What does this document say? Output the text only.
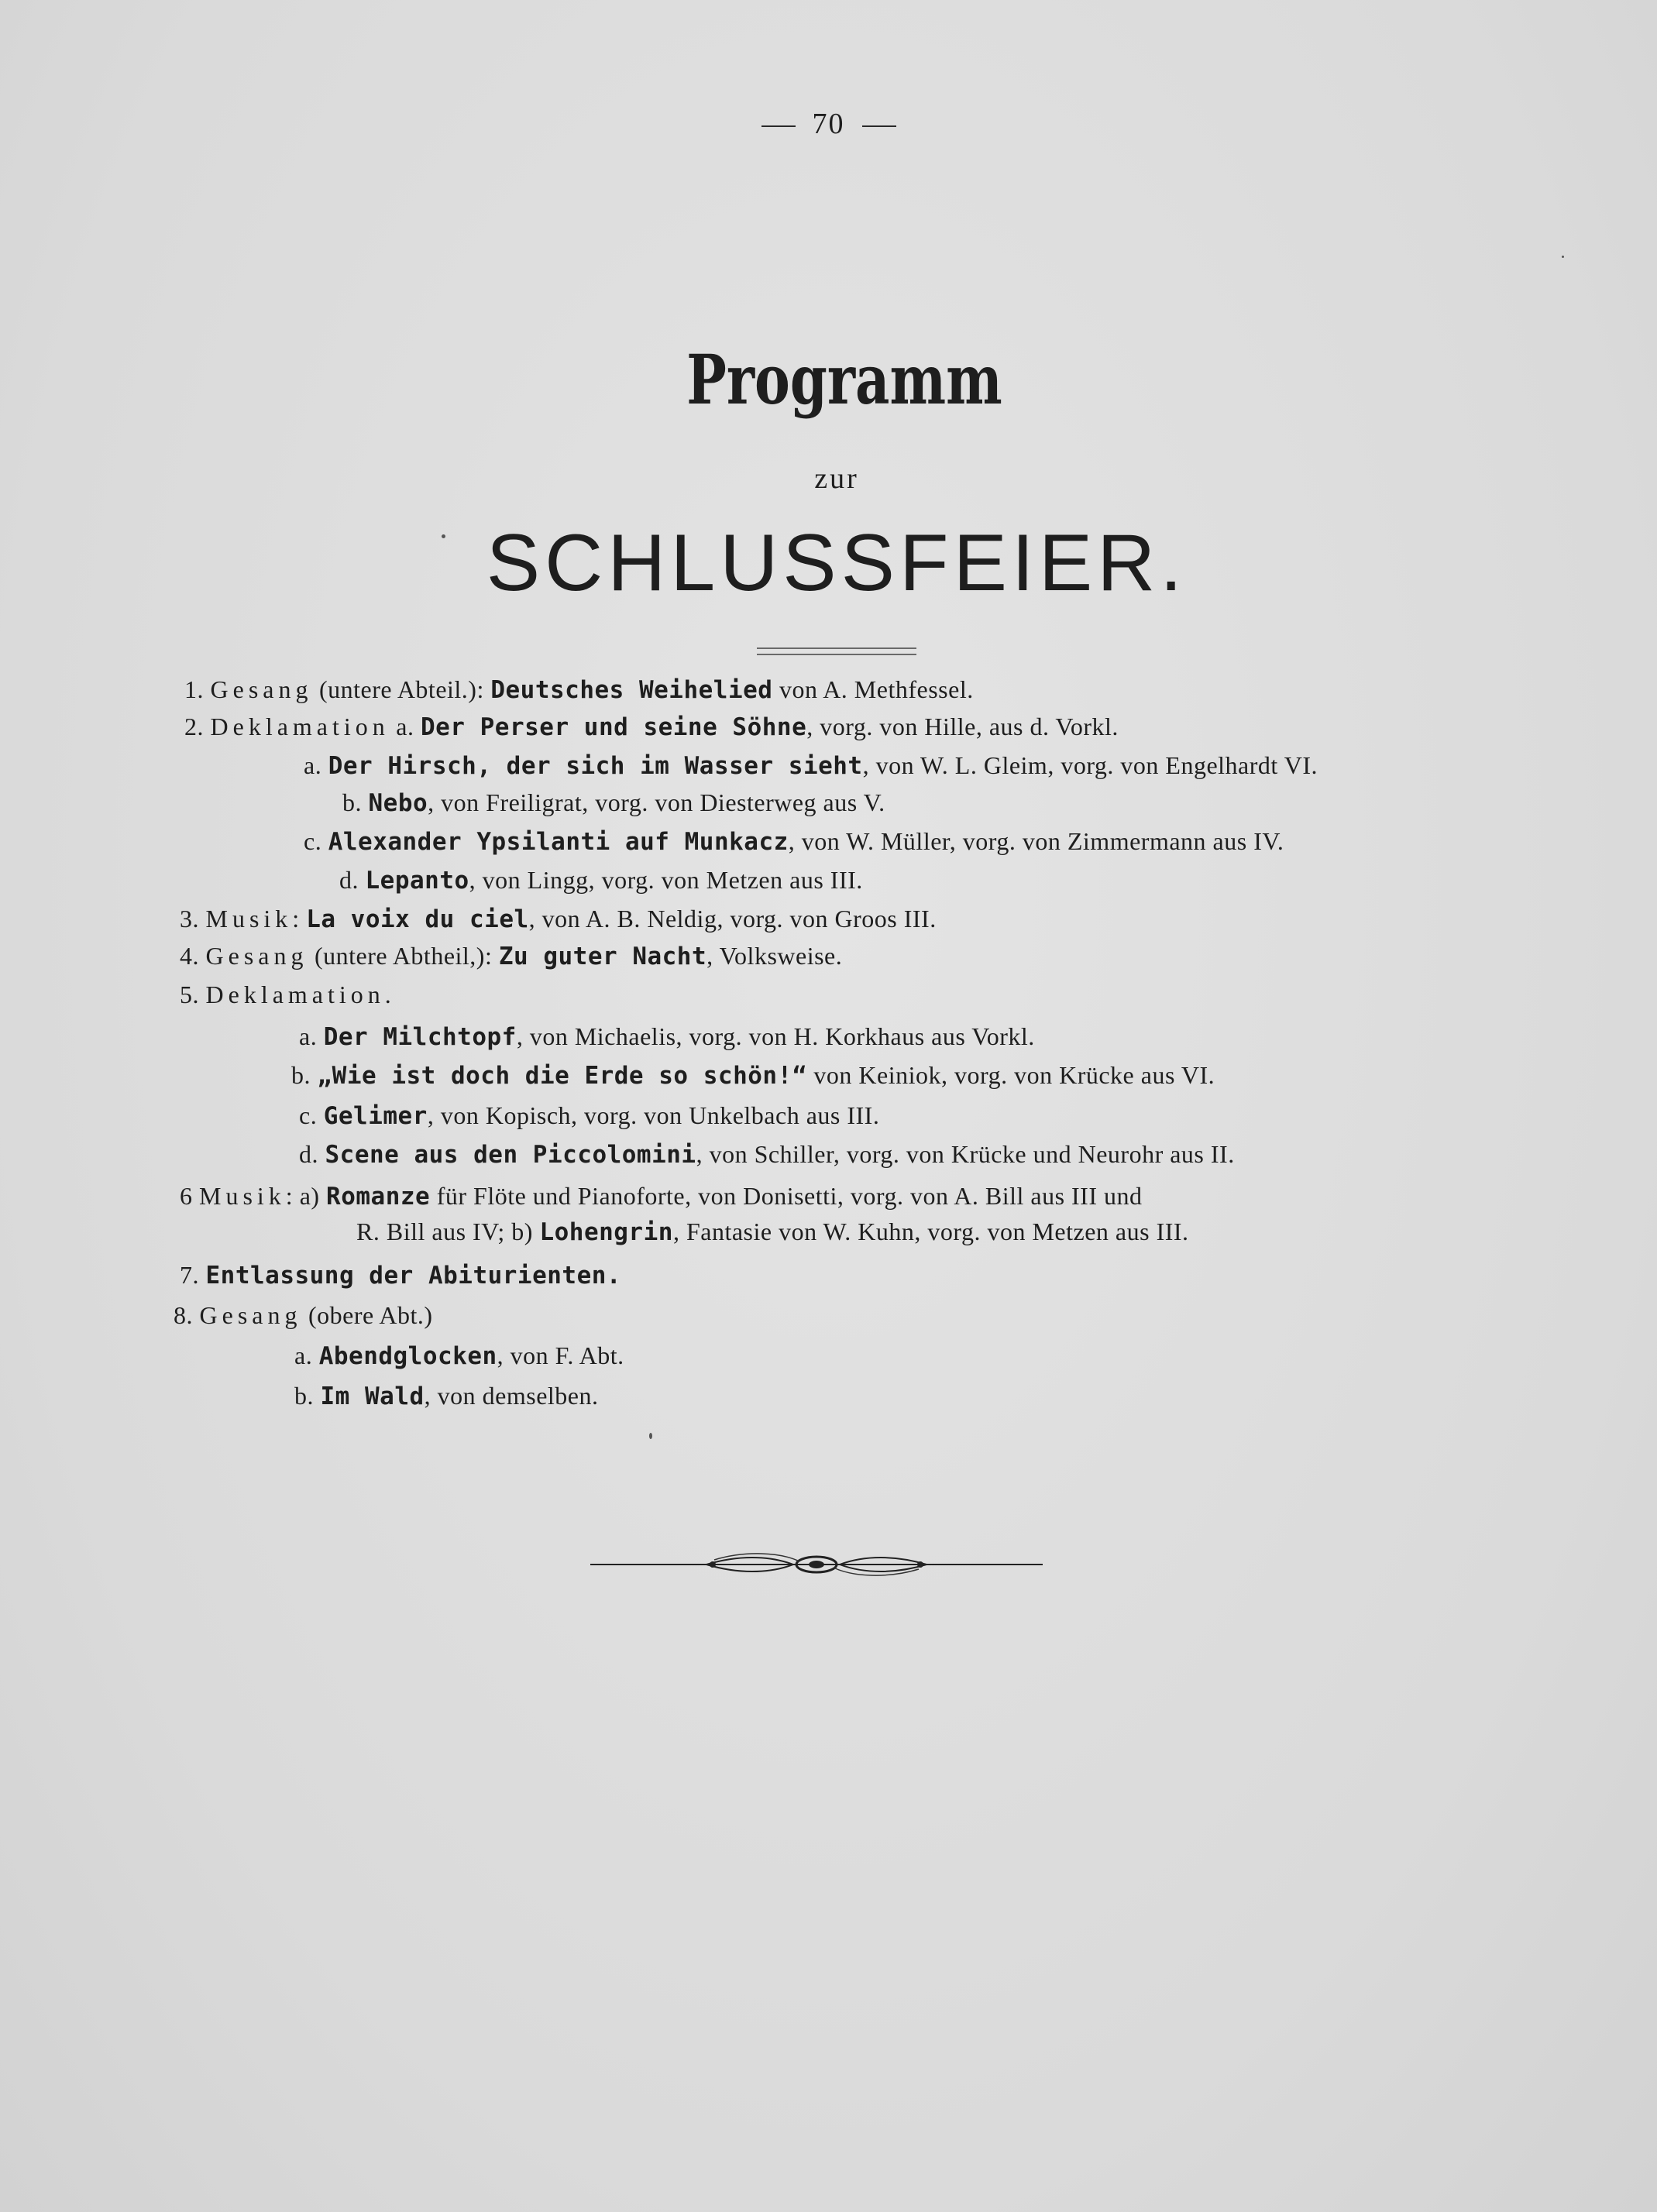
70
Programm
zur
SCHLUSSFEIER.
1. Gesang (untere Abteil.): Deutsches Weihelied von A. Methfessel.
2. Deklamation a. Der Perser und seine Söhne, vorg. von Hille, aus d. Vorkl.
a. Der Hirsch, der sich im Wasser sieht, von W. L. Gleim, vorg. von Engelhardt VI.
b. Nebo, von Freiligrat, vorg. von Diesterweg aus V.
c. Alexander Ypsilanti auf Munkacz, von W. Müller, vorg. von Zimmermann aus IV.
d. Lepanto, von Lingg, vorg. von Metzen aus III.
3. Musik: La voix du ciel, von A. B. Neldig, vorg. von Groos III.
4. Gesang (untere Abtheil,): Zu guter Nacht, Volksweise.
5. Deklamation.
a. Der Milchtopf, von Michaelis, vorg. von H. Korkhaus aus Vorkl.
b. „Wie ist doch die Erde so schön!“ von Keiniok, vorg. von Krücke aus VI.
c. Gelimer, von Kopisch, vorg. von Unkelbach aus III.
d. Scene aus den Piccolomini, von Schiller, vorg. von Krücke und Neurohr aus II.
6 Musik: a) Romanze für Flöte und Pianoforte, von Donisetti, vorg. von A. Bill aus III und
R. Bill aus IV; b) Lohengrin, Fantasie von W. Kuhn, vorg. von Metzen aus III.
7. Entlassung der Abiturienten.
8. Gesang (obere Abt.)
a. Abendglocken, von F. Abt.
b. Im Wald, von demselben.
